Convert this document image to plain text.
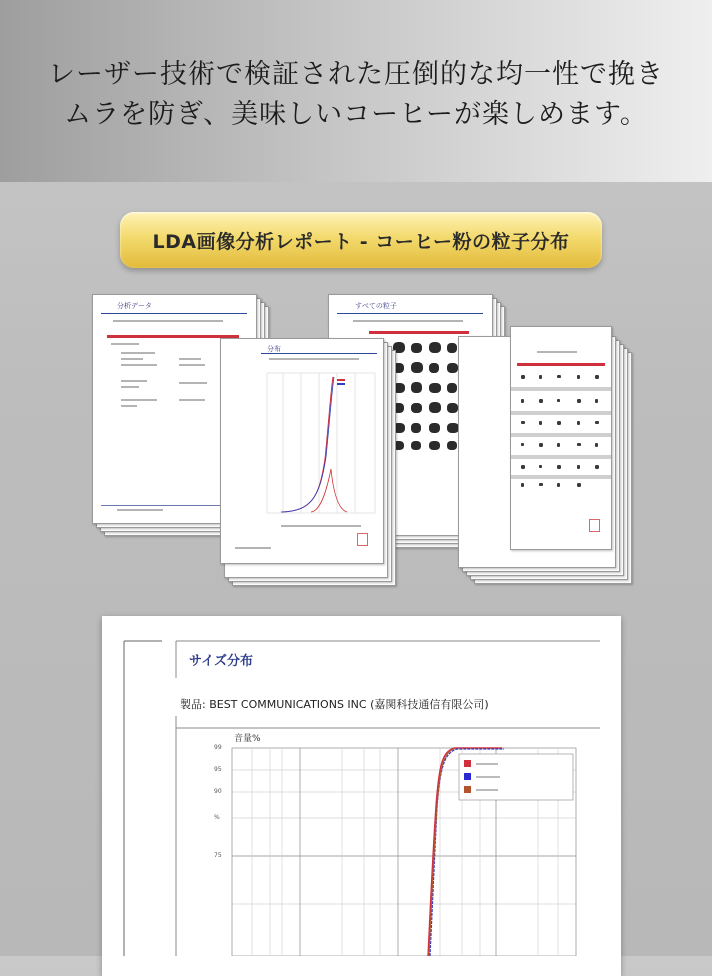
レーザー技術で検証された圧倒的な均一性で挽き
ムラを防ぎ、美味しいコーヒーが楽しめます。
LDA画像分析レポート - コーヒー粉の粒子分布
分析データ	すべての粒子
分布
サイズ分布
製品: BEST COMMUNICATIONS INC (嘉関科技通信有限公司)
音量%
99
95
90
%
75
